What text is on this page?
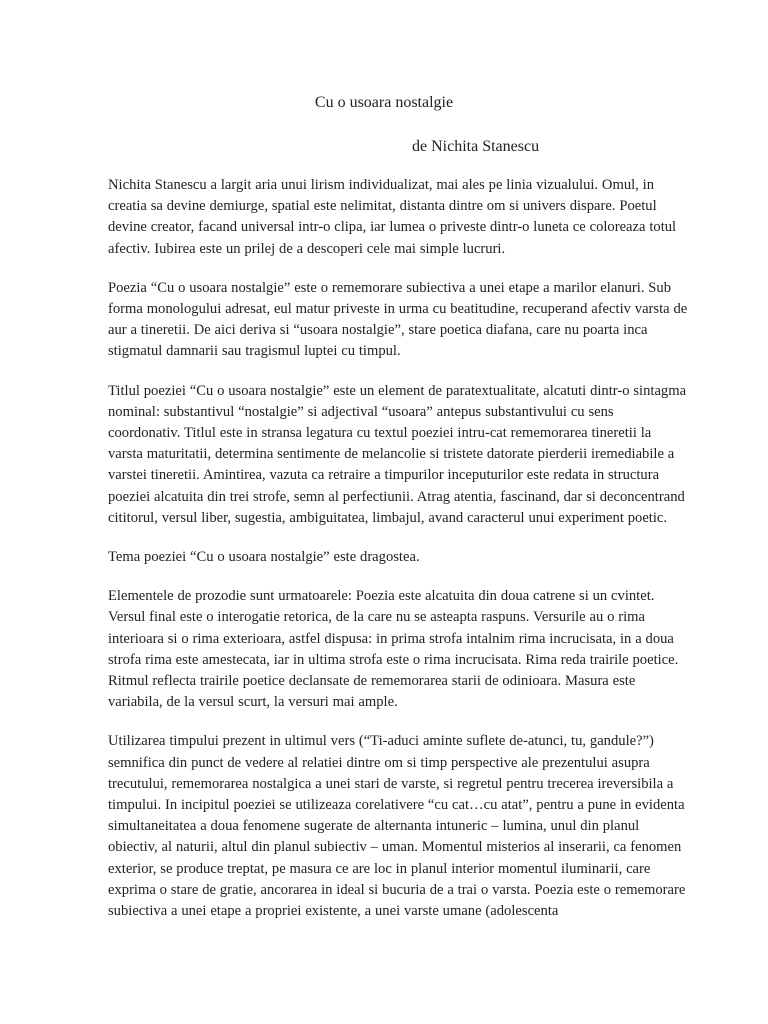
Cu o usoara nostalgie
de Nichita Stanescu

Nichita Stanescu a largit aria unui lirism individualizat, mai ales pe linia vizualului. Omul, in creatia sa devine demiurge, spatial este nelimitat, distanta dintre om si univers dispare. Poetul devine creator, facand universal intr-o clipa, iar lumea o priveste dintr-o luneta ce coloreaza totul afectiv. Iubirea este un prilej de a descoperi cele mai simple lucruri.

Poezia “Cu o usoara nostalgie” este o rememorare subiectiva a unei etape a marilor elanuri. Sub forma monologului adresat, eul matur priveste in urma cu beatitudine, recuperand afectiv varsta de aur a tineretii. De aici deriva si “usoara nostalgie”, stare poetica diafana, care nu poarta inca stigmatul damnarii sau tragismul luptei cu timpul.

Titlul poeziei “Cu o usoara nostalgie” este un element de paratextualitate, alcatuti dintr-o sintagma nominal: substantivul “nostalgie” si adjectival “usoara” antepus substantivului cu sens coordonativ. Titlul este in stransa legatura cu textul poeziei intru-cat rememorarea tineretii la varsta maturitatii, determina sentimente de melancolie si tristete datorate pierderii iremediabile a varstei tineretii. Amintirea, vazuta ca retraire a timpurilor inceputurilor este redata in structura poeziei alcatuita din trei strofe, semn al perfectiunii. Atrag atentia, fascinand, dar si deconcentrand cititorul, versul liber, sugestia, ambiguitatea, limbajul, avand caracterul unui experiment poetic.

Tema poeziei “Cu o usoara nostalgie” este dragostea.

Elementele de prozodie sunt urmatoarele: Poezia este alcatuita din doua catrene si un cvintet. Versul final este o interogatie retorica, de la care nu se asteapta raspuns. Versurile au o rima interioara si o rima exterioara, astfel dispusa: in prima strofa intalnim rima incrucisata, in a doua strofa rima este amestecata, iar in ultima strofa este o rima incrucisata. Rima reda trairile poetice. Ritmul reflecta trairile poetice declansate de rememorarea starii de odinioara. Masura este variabila, de la versul scurt, la versuri mai ample.

Utilizarea timpului prezent in ultimul vers (“Ti-aduci aminte suflete de-atunci, tu, gandule?”) semnifica din punct de vedere al relatiei dintre om si timp perspective ale prezentului asupra trecutului, rememorarea nostalgica a unei stari de varste, si regretul pentru trecerea ireversibila a timpului. In incipitul poeziei se utilizeaza corelativere “cu cat…cu atat”, pentru a pune in evidenta simultaneitatea a doua fenomene sugerate de alternanta intuneric – lumina, unul din planul obiectiv, al naturii, altul din planul subiectiv – uman. Momentul misterios al inserarii, ca fenomen exterior, se produce treptat, pe masura ce are loc in planul interior momentul iluminarii, care exprima o stare de gratie, ancorarea in ideal si bucuria de a trai o varsta. Poezia este o rememorare subiectiva a unei etape a propriei existente, a unei varste umane (adolescenta
